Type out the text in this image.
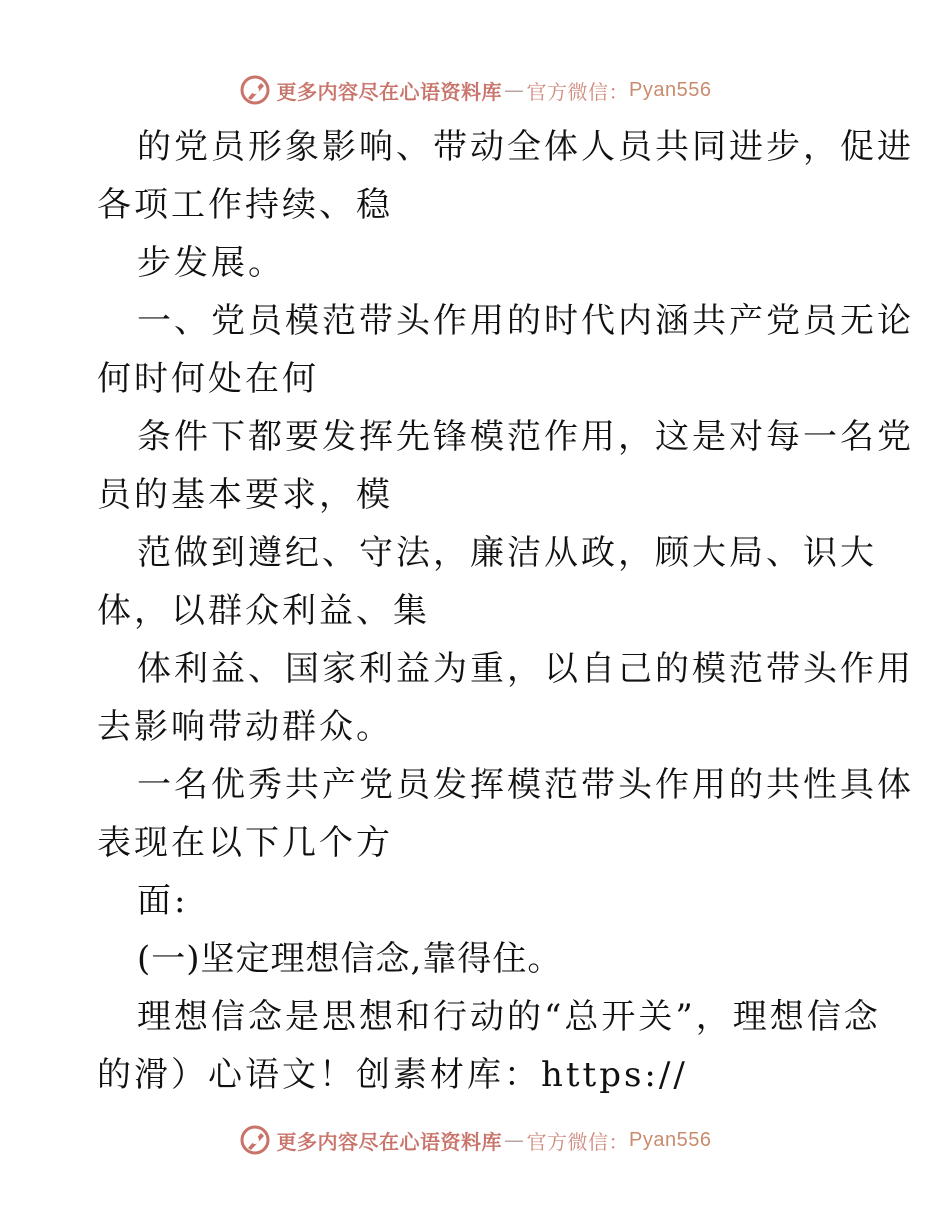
更多内容尽在心语资料库 — 官方微信： Pyan556
的党员形象影响、带动全体人员共同进步，促进
各项工作持续、稳
步发展。
一、党员模范带头作用的时代内涵共产党员无论
何时何处在何
条件下都要发挥先锋模范作用，这是对每一名党
员的基本要求，模
范做到遵纪、守法，廉洁从政，顾大局、识大
体，以群众利益、集
体利益、国家利益为重，以自己的模范带头作用
去影响带动群众。
一名优秀共产党员发挥模范带头作用的共性具体
表现在以下几个方
面:
(一)坚定理想信念,靠得住。
理想信念是思想和行动的“总开关”，理想信念
的滑）心语文！创素材库：https://
更多内容尽在心语资料库 — 官方微信： Pyan556
